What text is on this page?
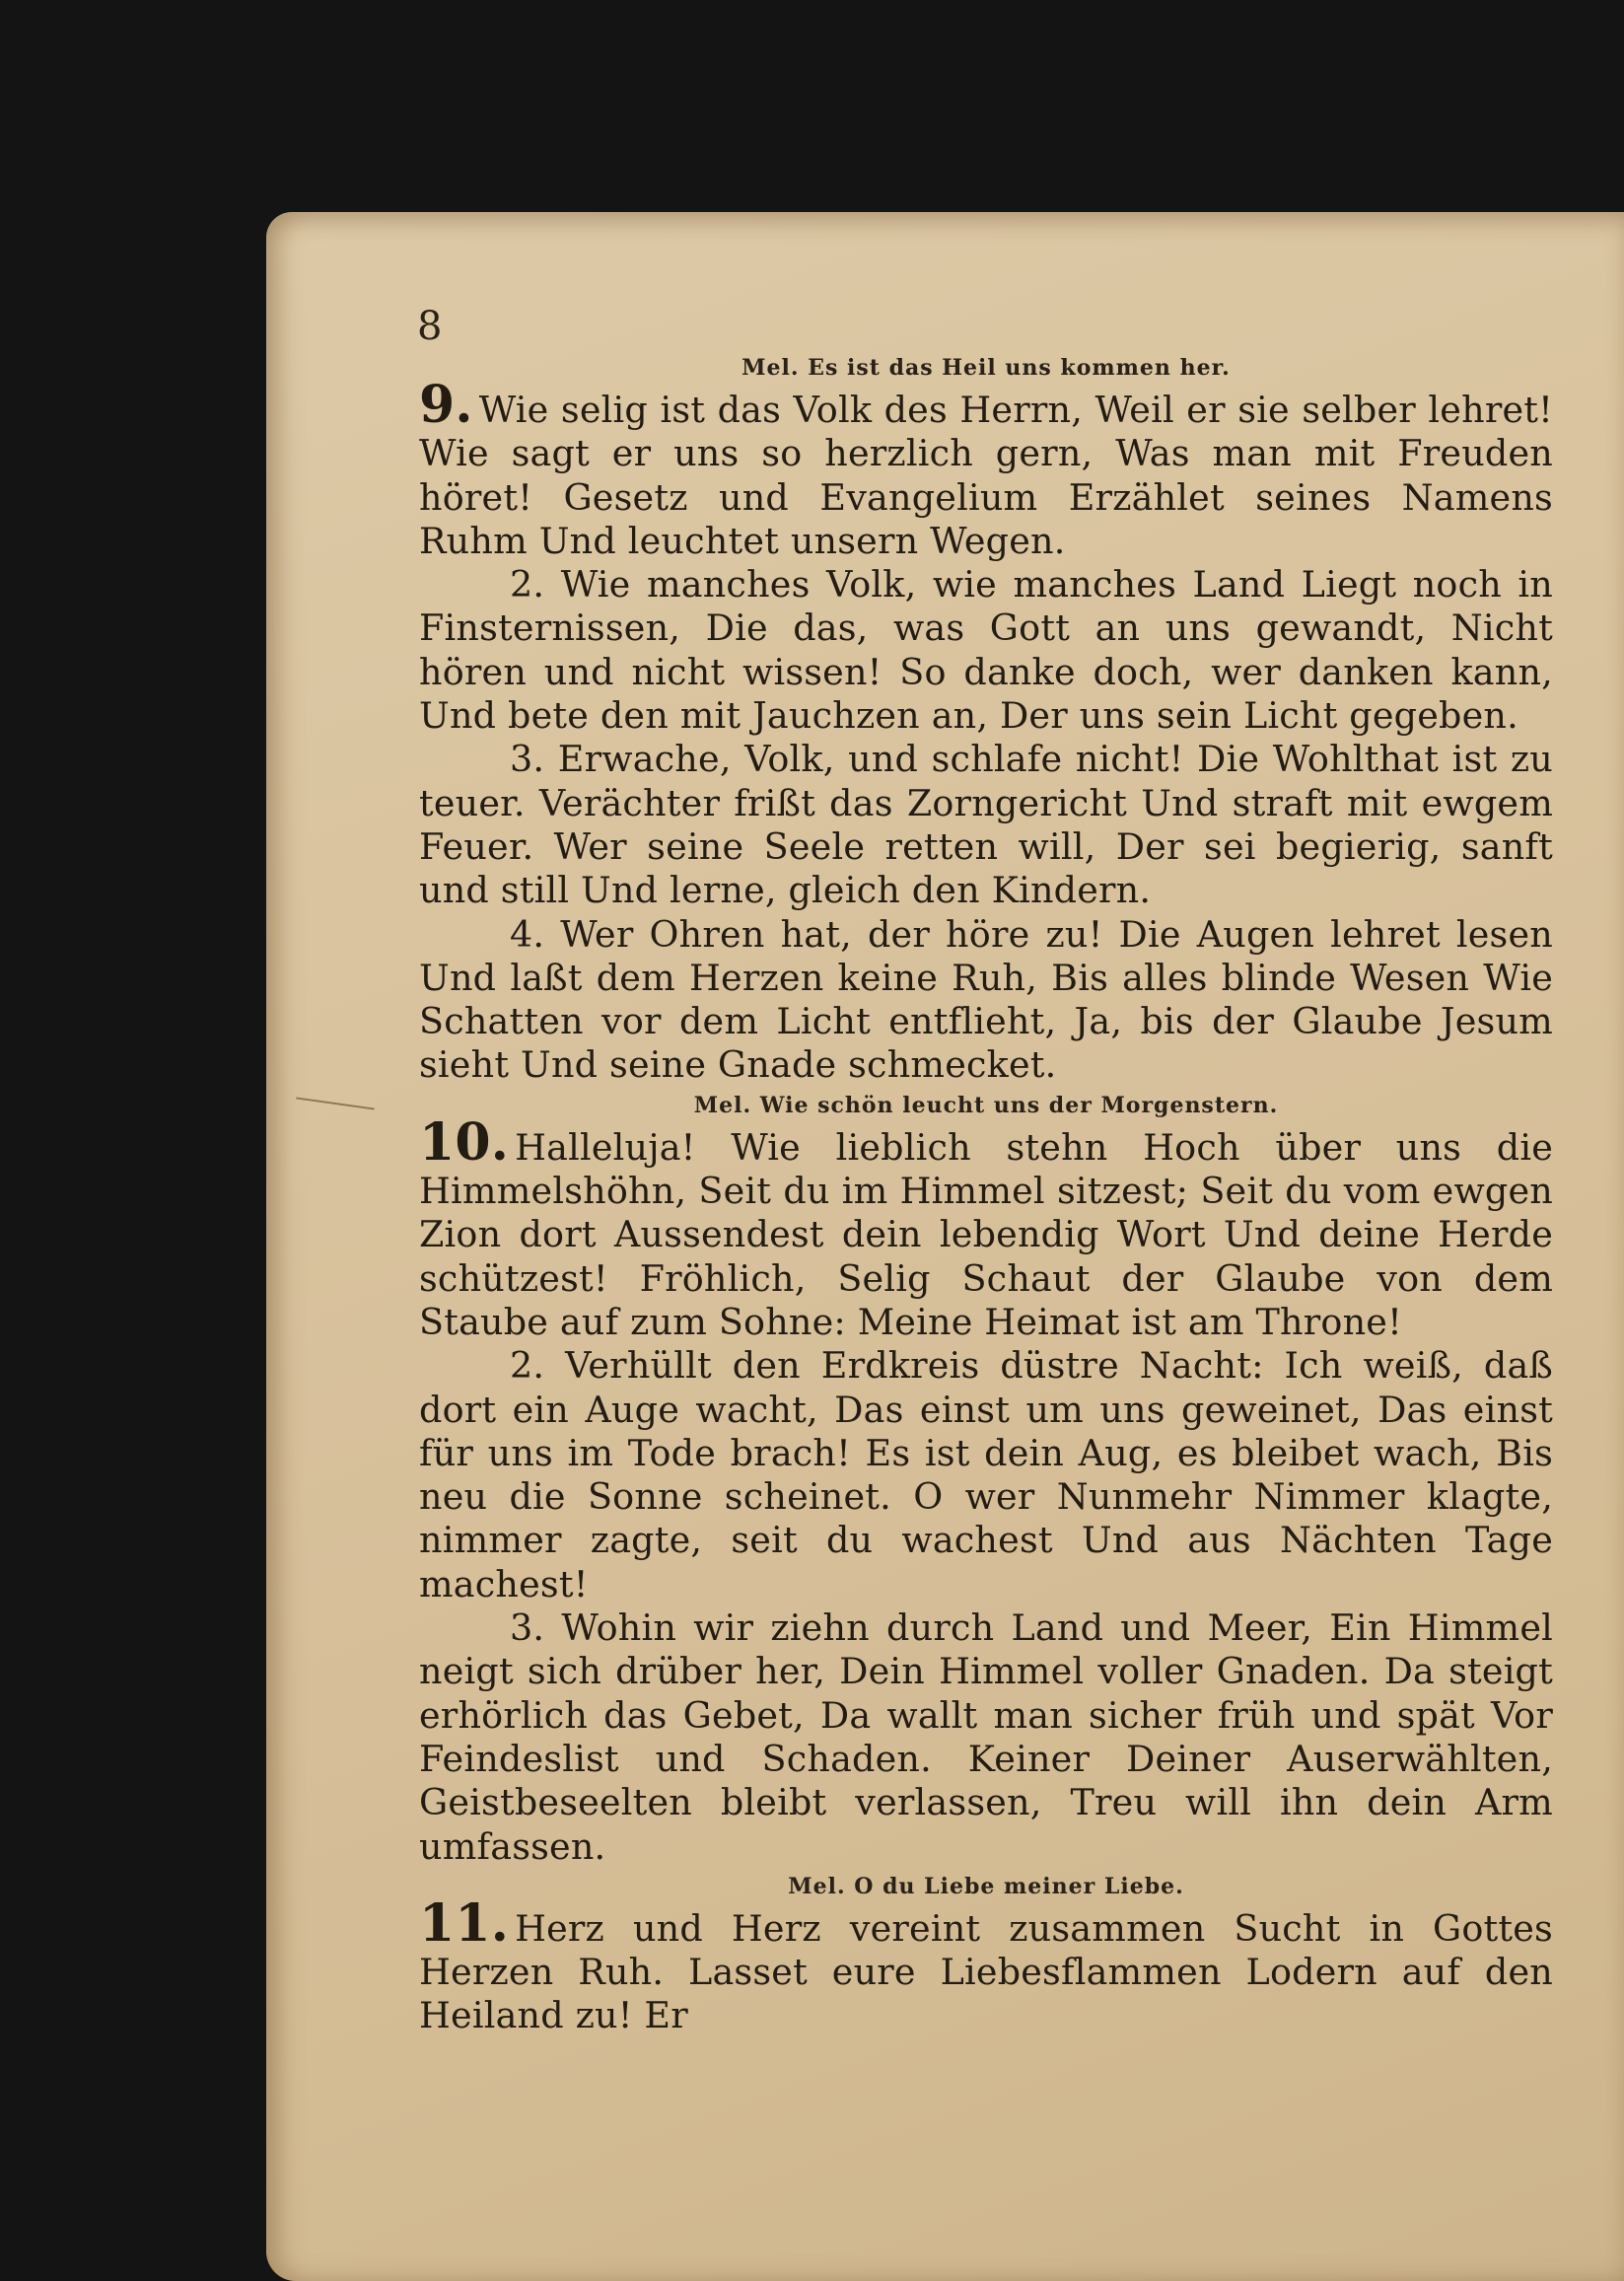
8
Mel. Es ist das Heil uns kommen her.

9. Wie selig ist das Volk des Herrn, Weil er sie selber lehret! Wie sagt er uns so herzlich gern, Was man mit Freuden höret! Gesetz und Evangelium Erzählet seines Namens Ruhm Und leuchtet unsern Wegen.

2. Wie manches Volk, wie manches Land Liegt noch in Finsternissen, Die das, was Gott an uns gewandt, Nicht hören und nicht wissen! So danke doch, wer danken kann, Und bete den mit Jauchzen an, Der uns sein Licht gegeben.

3. Erwache, Volk, und schlafe nicht! Die Wohlthat ist zu teuer. Verächter frißt das Zorngericht Und straft mit ewgem Feuer. Wer seine Seele retten will, Der sei begierig, sanft und still Und lerne, gleich den Kindern.

4. Wer Ohren hat, der höre zu! Die Augen lehret lesen Und laßt dem Herzen keine Ruh, Bis alles blinde Wesen Wie Schatten vor dem Licht entflieht, Ja, bis der Glaube Jesum sieht Und seine Gnade schmecket.

Mel. Wie schön leucht uns der Morgenstern.

10. Halleluja! Wie lieblich stehn Hoch über uns die Himmelshöhn, Seit du im Himmel sitzest; Seit du vom ewgen Zion dort Aussendest dein lebendig Wort Und deine Herde schützest! Fröhlich, Selig Schaut der Glaube von dem Staube auf zum Sohne: Meine Heimat ist am Throne!

2. Verhüllt den Erdkreis düstre Nacht: Ich weiß, daß dort ein Auge wacht, Das einst um uns geweinet, Das einst für uns im Tode brach! Es ist dein Aug, es bleibet wach, Bis neu die Sonne scheinet. O wer Nunmehr Nimmer klagte, nimmer zagte, seit du wachest Und aus Nächten Tage machest!

3. Wohin wir ziehn durch Land und Meer, Ein Himmel neigt sich drüber her, Dein Himmel voller Gnaden. Da steigt erhörlich das Gebet, Da wallt man sicher früh und spät Vor Feindeslist und Schaden. Keiner Deiner Auserwählten, Geistbeseelten bleibt verlassen, Treu will ihn dein Arm umfassen.

Mel. O du Liebe meiner Liebe.

11. Herz und Herz vereint zusammen Sucht in Gottes Herzen Ruh. Lasset eure Liebesflammen Lodern auf den Heiland zu! Er
